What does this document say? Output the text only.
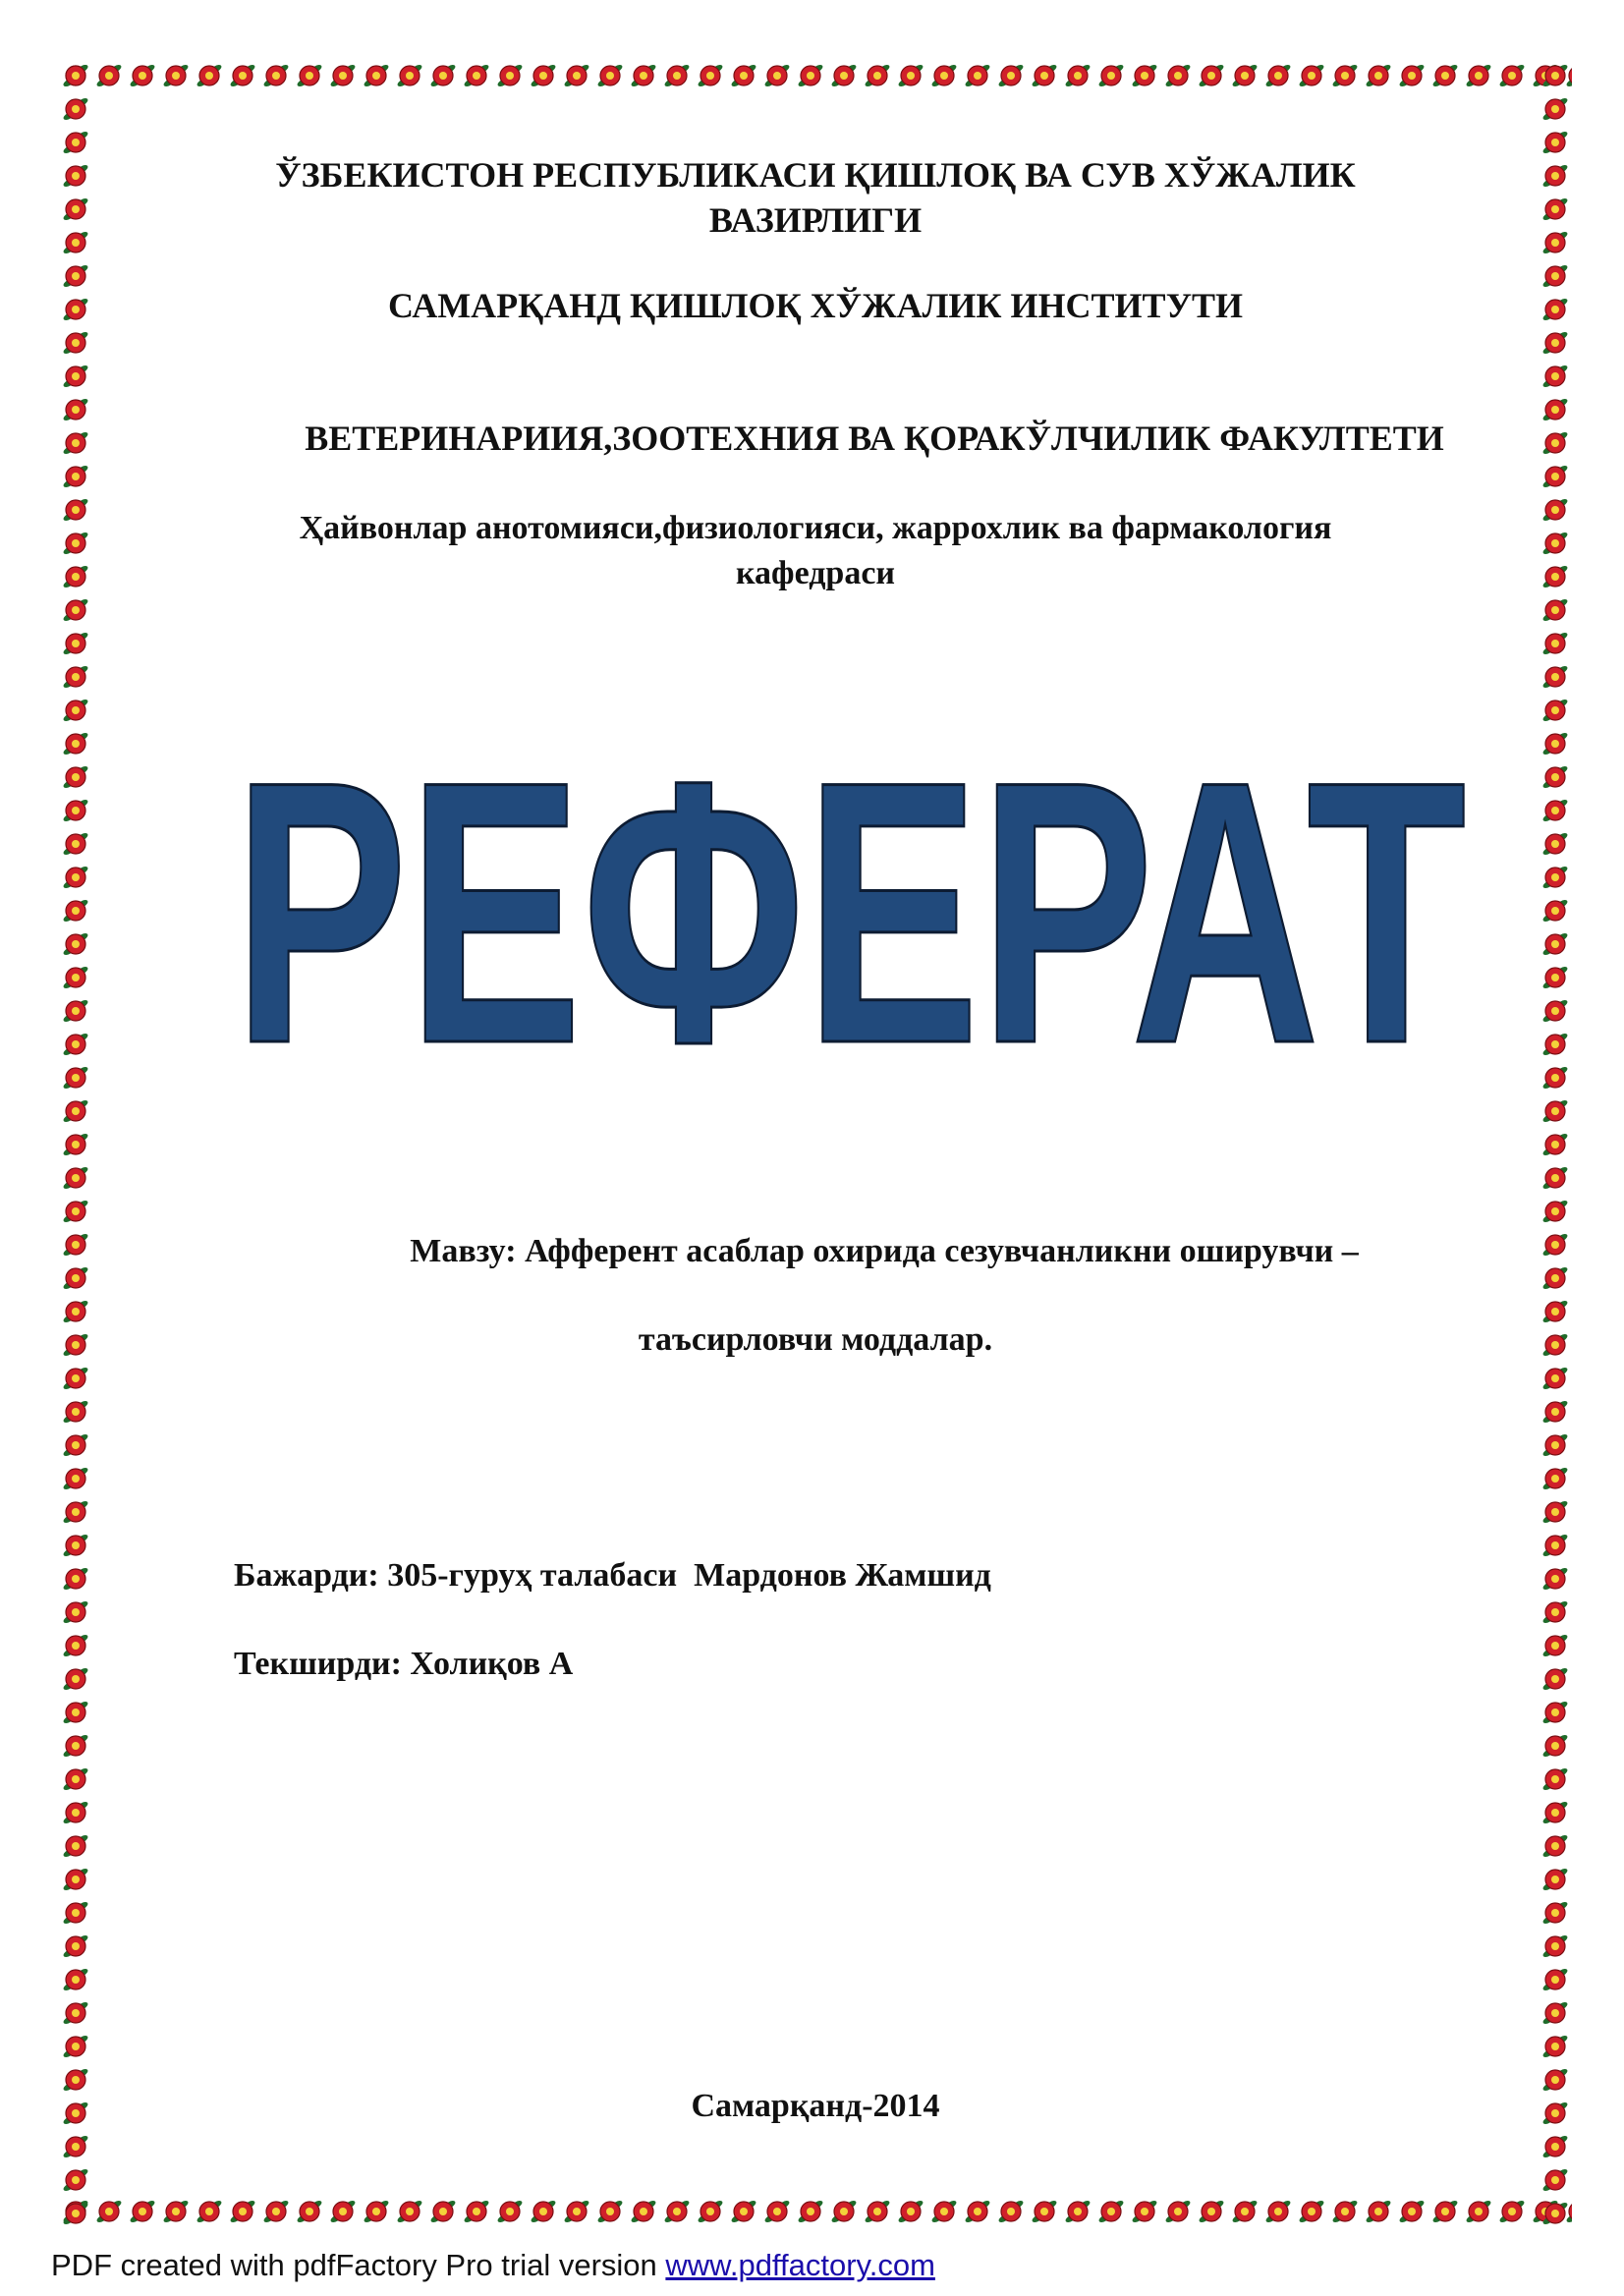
ЎЗБЕКИСТОН РЕСПУБЛИКАСИ ҚИШЛОҚ ВА СУВ ХЎЖАЛИК
ВАЗИРЛИГИ
САМАРҚАНД ҚИШЛОҚ ХЎЖАЛИК ИНСТИТУТИ
ВЕТЕРИНАРИИЯ,ЗООТЕХНИЯ ВА ҚОРАКЎЛЧИЛИК ФАКУЛТЕТИ
Ҳайвонлар анотомияси,физиологияси, жаррохлик ва фармакология
кафедраси
РЕФЕРАТ
Мавзу: Афферент асаблар охирида сезувчанликни оширувчи –
таъсирловчи моддалар.
Бажарди: 305-гуруҳ талабаси  Мардонов Жамшид
Текширди: Холиқов А
Самарқанд-2014
PDF created with pdfFactory Pro trial version www.pdffactory.com
